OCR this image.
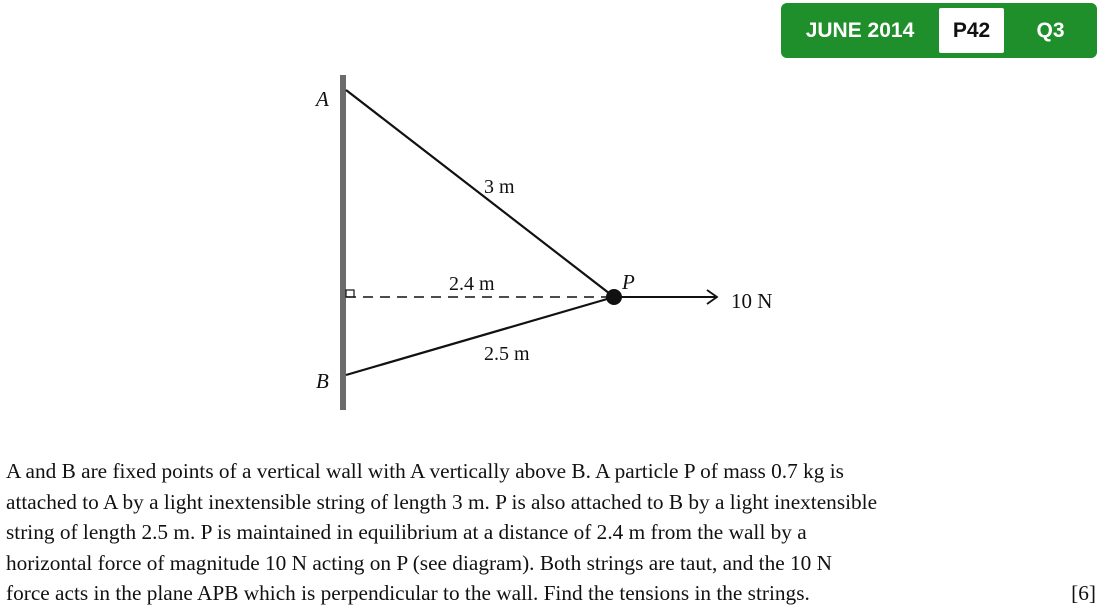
JUNE 2014	P42	Q3
A
B
P
3 m
2.4 m
2.5 m
10 N
A and B are fixed points of a vertical wall with A vertically above B. A particle P of mass 0.7 kg is
attached to A by a light inextensible string of length 3 m. P is also attached to B by a light inextensible
string of length 2.5 m. P is maintained in equilibrium at a distance of 2.4 m from the wall by a
horizontal force of magnitude 10 N acting on P (see diagram). Both strings are taut, and the 10 N
force acts in the plane APB which is perpendicular to the wall. Find the tensions in the strings.	[6]
